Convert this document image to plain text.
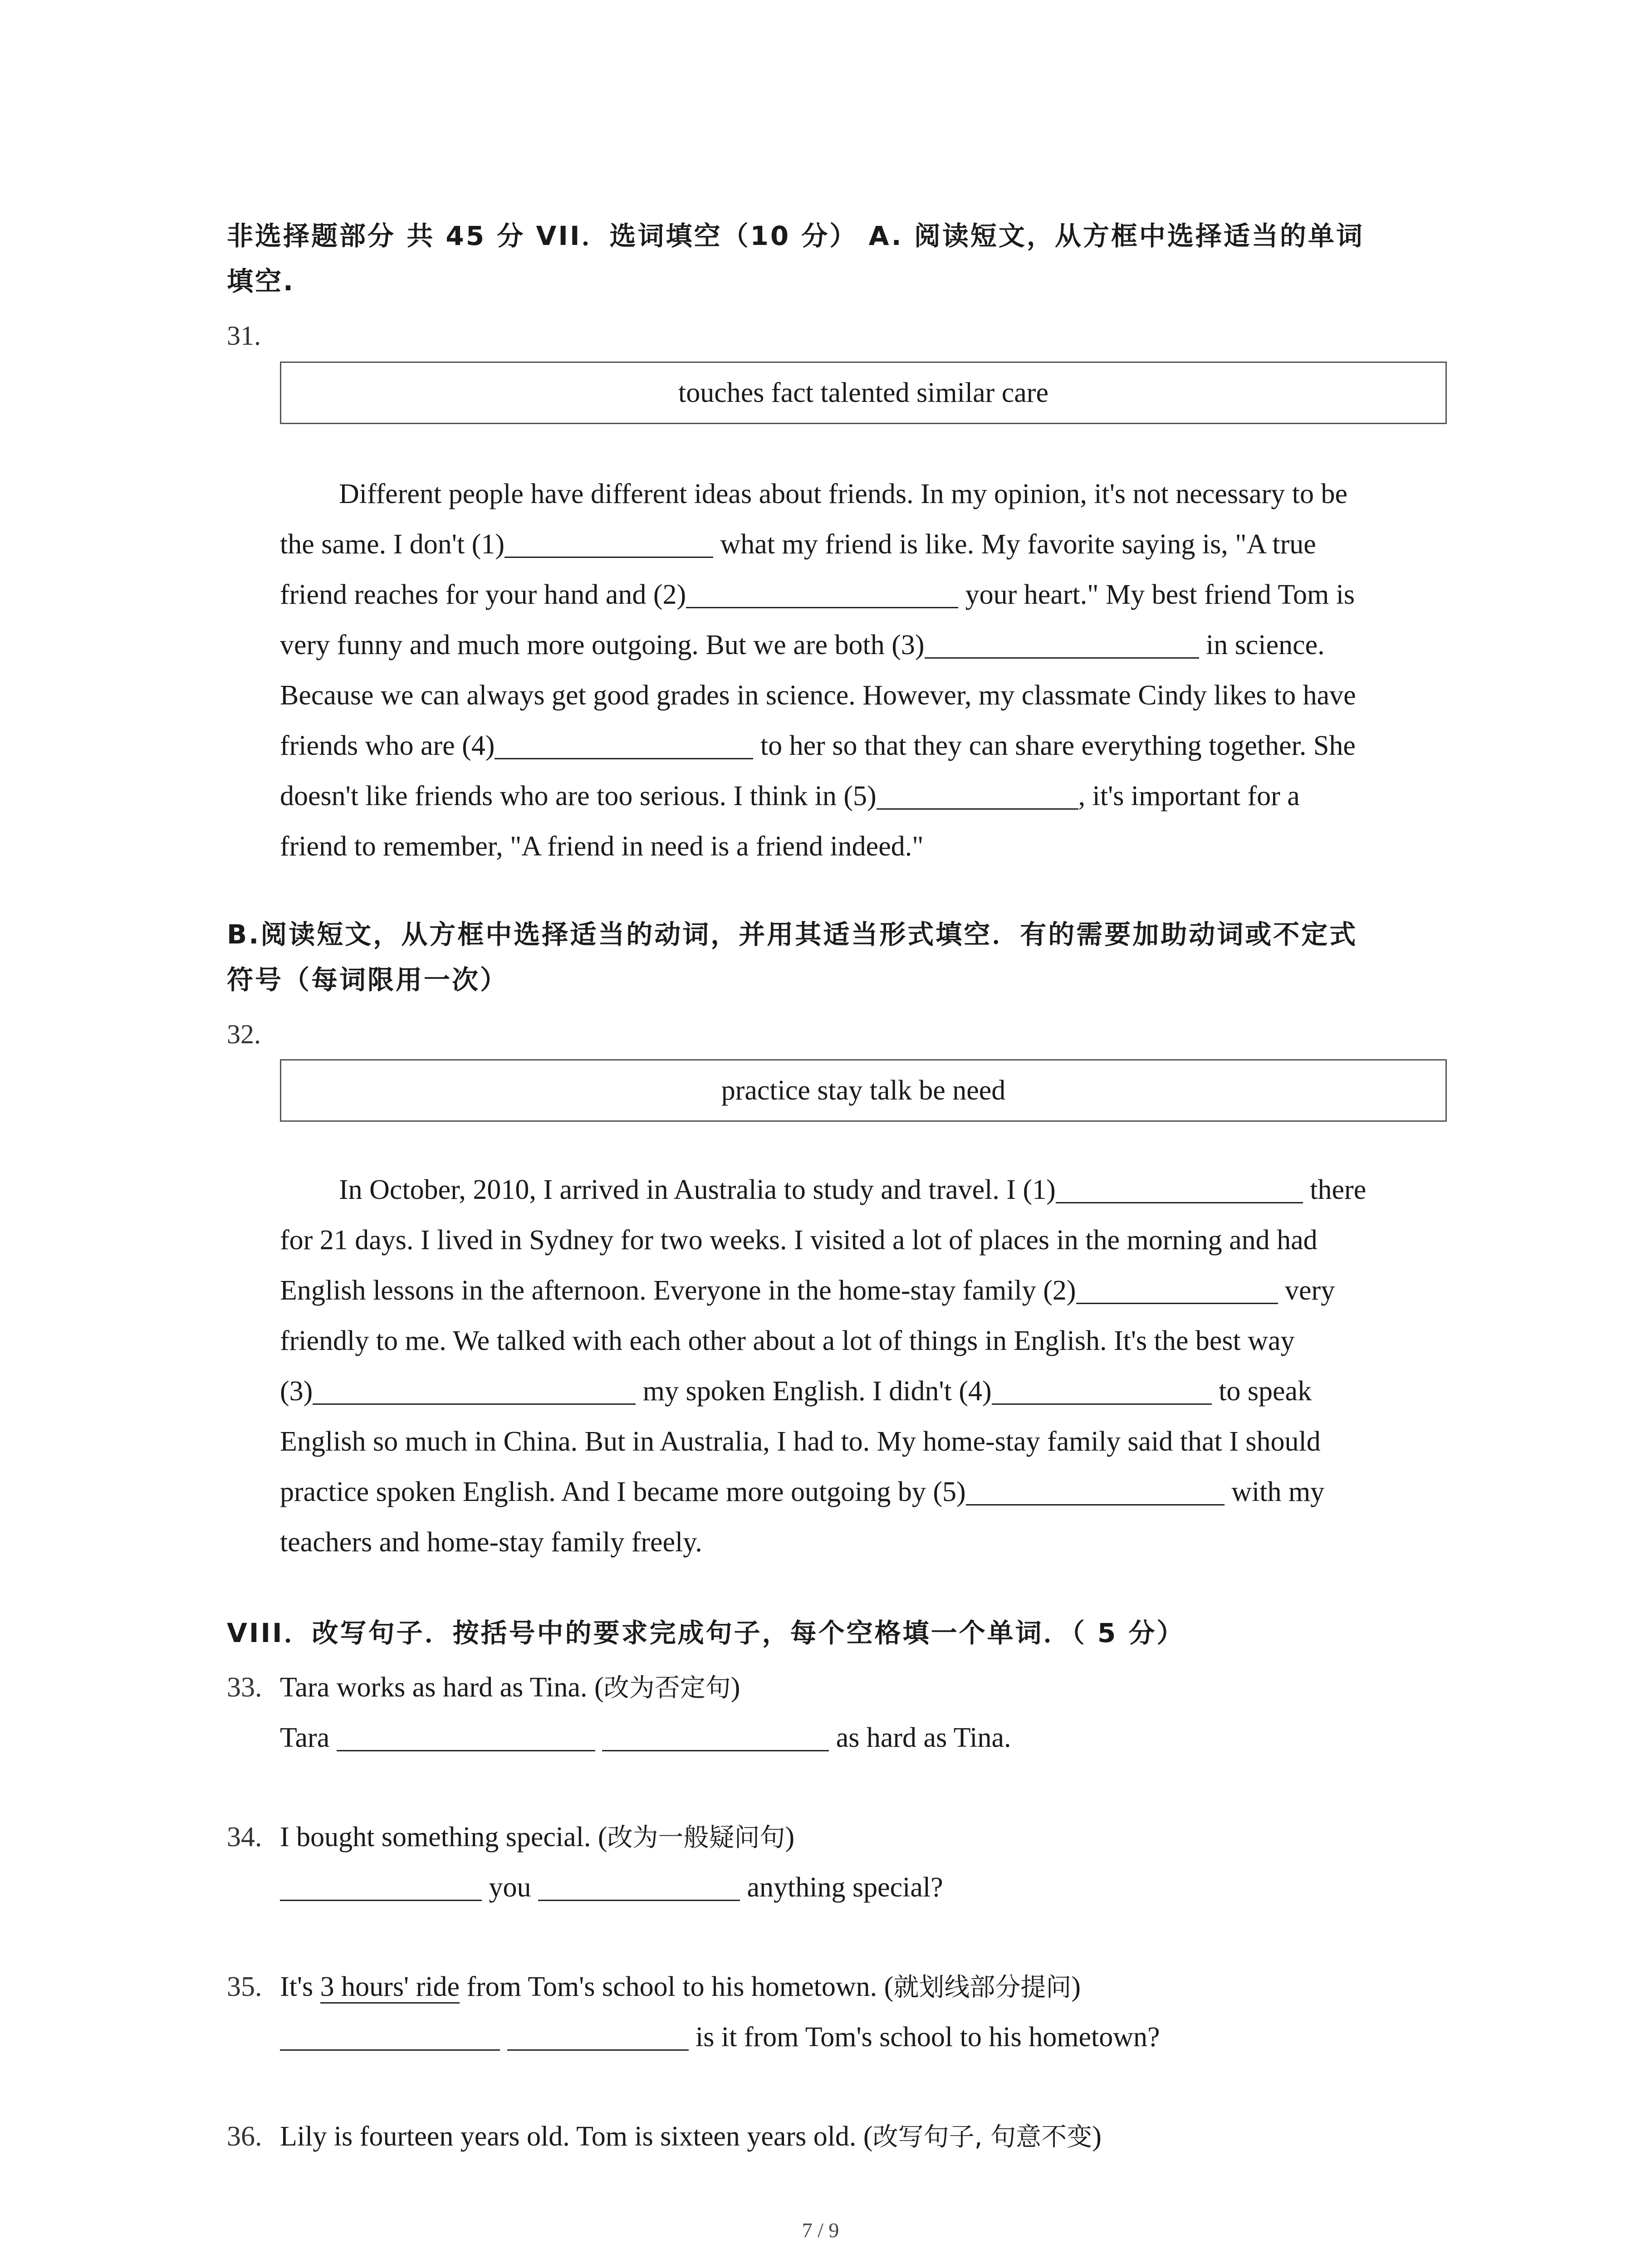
非选择题部分 共 45 分 VII．选词填空（10 分） A. 阅读短文，从方框中选择适当的单词
填空.
31.
touches fact talented similar care
Different people have different ideas about friends. In my opinion, it's not necessary to be
the same. I don't (1)	what my friend is like. My favorite saying is, "A true
friend reaches for your hand and (2)	your heart." My best friend Tom is
very funny and much more outgoing. But we are both (3)	in science.
Because we can always get good grades in science. However, my classmate Cindy likes to have
friends who are (4)	to her so that they can share everything together. She
doesn't like friends who are too serious. I think in (5)	, it's important for a
friend to remember, "A friend in need is a friend indeed."
B.阅读短文，从方框中选择适当的动词，并用其适当形式填空．有的需要加助动词或不定式
符号（每词限用一次）
32.
practice stay talk be need
In October, 2010, I arrived in Australia to study and travel. I (1)	there
for 21 days. I lived in Sydney for two weeks. I visited a lot of places in the morning and had
English lessons in the afternoon. Everyone in the home-stay family (2)	very
friendly to me. We talked with each other about a lot of things in English. It's the best way
(3)	my spoken English. I didn't (4)	to speak
English so much in China. But in Australia, I had to. My home-stay family said that I should
practice spoken English. And I became more outgoing by (5)	with my
teachers and home-stay family freely.
VIII．改写句子．按括号中的要求完成句子，每个空格填一个单词．（ 5 分）
33. Tara works as hard as Tina. (改为否定句)
Tara	as hard as Tina.
34. I bought something special. (改为一般疑问句)
you	anything special?
35. It's 3 hours' ride from Tom's school to his hometown. (就划线部分提问)
is it from Tom's school to his hometown?
36. Lily is fourteen years old. Tom is sixteen years old. (改写句子, 句意不变)
7 / 9
